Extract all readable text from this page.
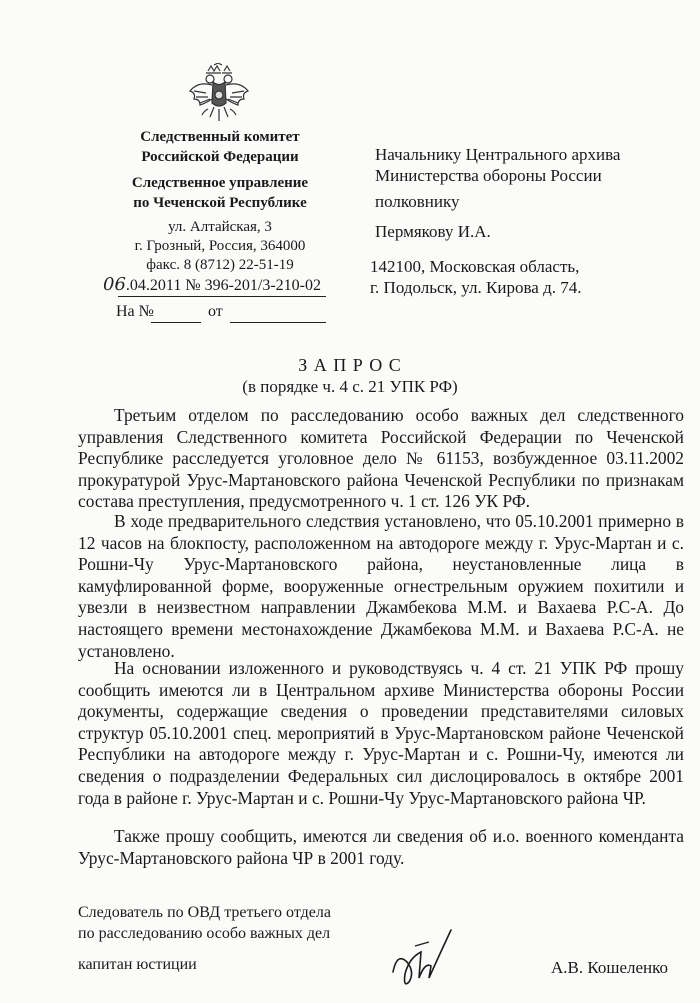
Следственный комитет
Российской Федерации
Следственное управление
по Чеченской Республике
ул. Алтайская, 3
г. Грозный, Россия, 364000
факс. 8 (8712) 22-51-19
06.04.2011 № 396-201/3-210-02
На №	от
Начальнику Центрального архива
Министерства обороны России
полковнику
Пермякову И.А.
142100, Московская область,
г. Подольск, ул. Кирова д. 74.
З А П Р О С
(в порядке ч. 4 с. 21 УПК РФ)

Третьим отделом по расследованию особо важных дел следственного управления Следственного комитета Российской Федерации по Чеченской Республике расследуется уголовное дело № 61153, возбужденное 03.11.2002 прокуратурой Урус-Мартановского района Чеченской Республики по признакам состава преступления, предусмотренного ч. 1 ст. 126 УК РФ.

В ходе предварительного следствия установлено, что 05.10.2001 примерно в 12 часов на блокпосту, расположенном на автодороге между г. Урус-Мартан и с. Рошни-Чу Урус-Мартановского района, неустановленные лица в камуфлированной форме, вооруженные огнестрельным оружием похитили и увезли в неизвестном направлении Джамбекова М.М. и Вахаева Р.С-А. До настоящего времени местонахождение Джамбекова М.М. и Вахаева Р.С-А. не установлено.

На основании изложенного и руководствуясь ч. 4 ст. 21 УПК РФ прошу сообщить имеются ли в Центральном архиве Министерства обороны России документы, содержащие сведения о проведении представителями силовых структур 05.10.2001 спец. мероприятий в Урус-Мартановском районе Чеченской Республики на автодороге между г. Урус-Мартан и с. Рошни-Чу, имеются ли сведения о подразделении Федеральных сил дислоцировалось в октябре 2001 года в районе г. Урус-Мартан и с. Рошни-Чу Урус-Мартановского района ЧР.

Также прошу сообщить, имеются ли сведения об и.о. военного коменданта Урус-Мартановского района ЧР в 2001 году.

Следователь по ОВД третьего отдела
по расследованию особо важных дел
капитан юстиции	А.В. Кошеленко
